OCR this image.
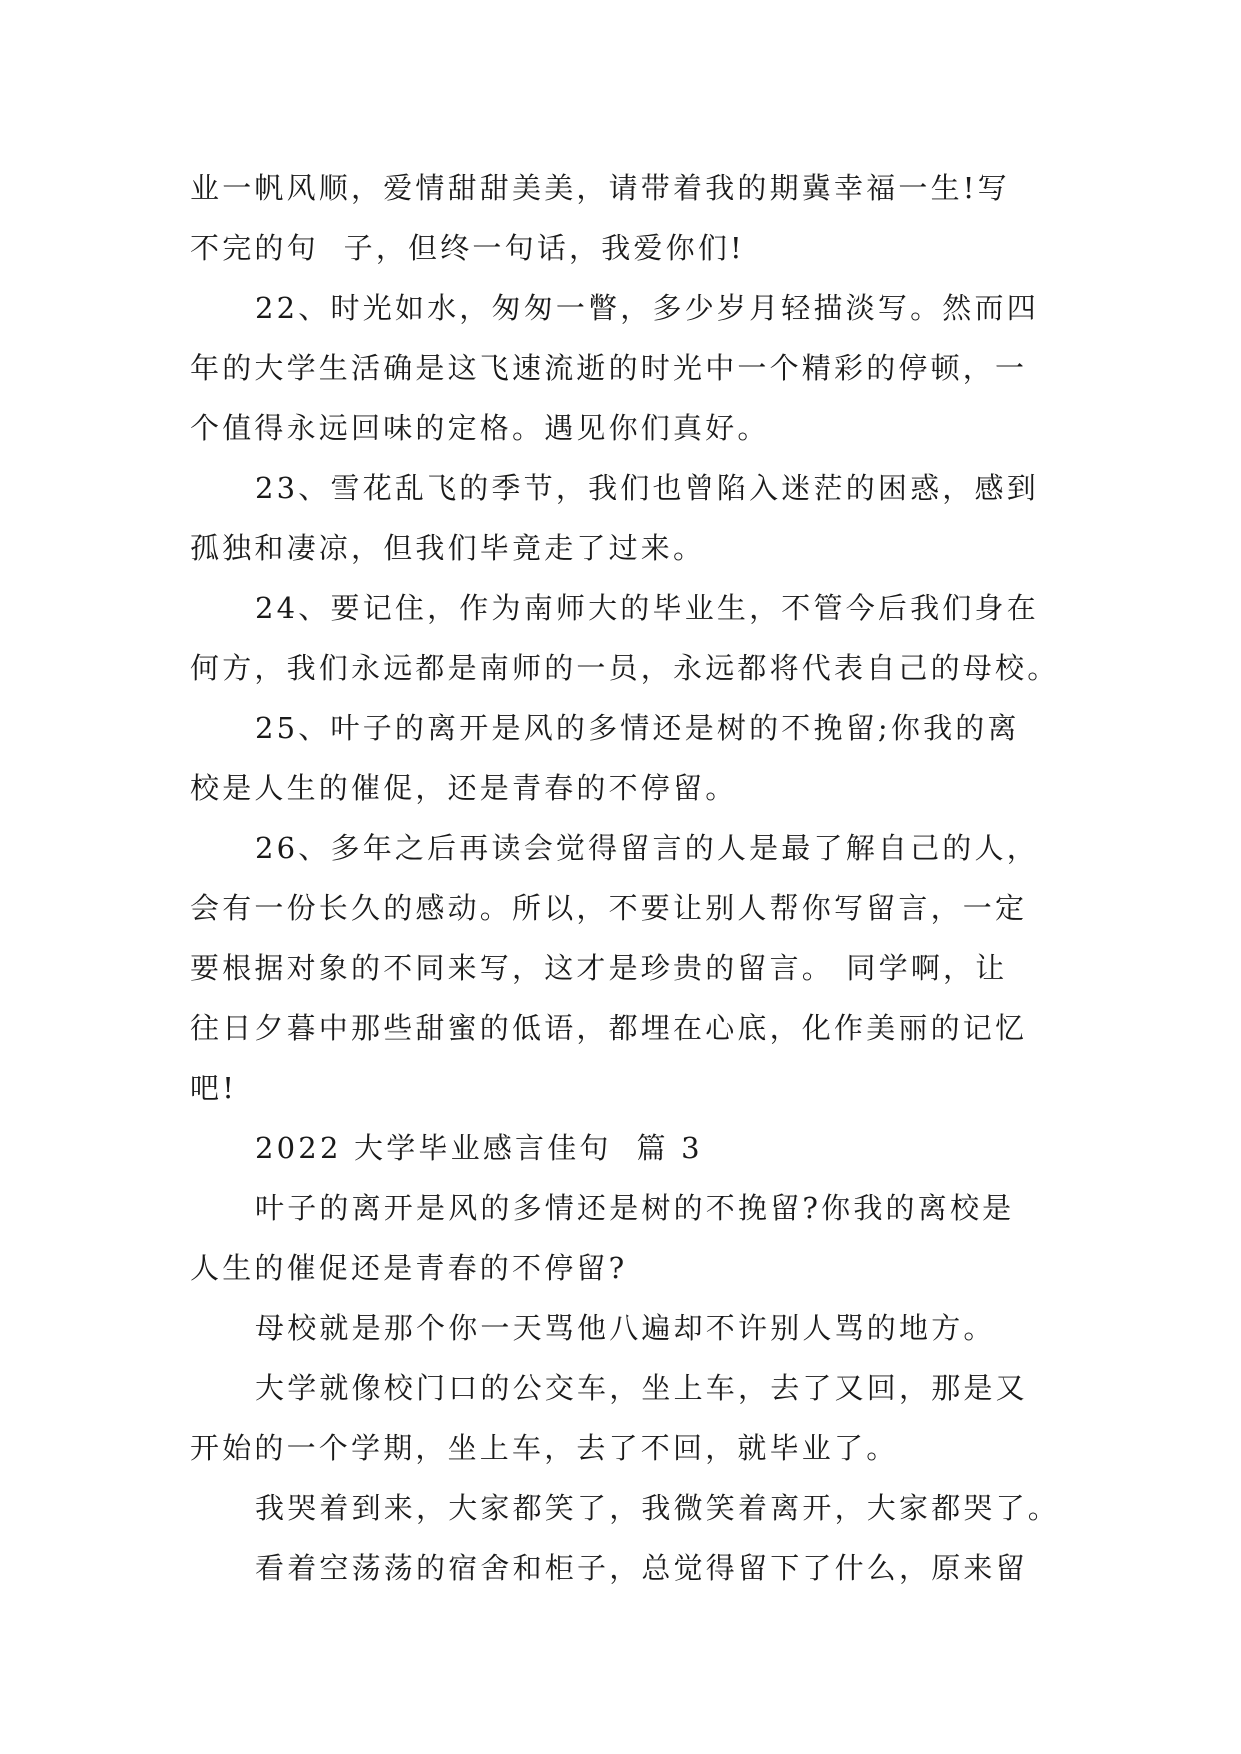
业一帆风顺，爱情甜甜美美，请带着我的期冀幸福一生!写
不完的句  子，但终一句话，我爱你们!
22、时光如水，匆匆一瞥，多少岁月轻描淡写。然而四
年的大学生活确是这飞速流逝的时光中一个精彩的停顿，一
个值得永远回味的定格。遇见你们真好。
23、雪花乱飞的季节，我们也曾陷入迷茫的困惑，感到
孤独和凄凉，但我们毕竟走了过来。
24、要记住，作为南师大的毕业生，不管今后我们身在
何方，我们永远都是南师的一员，永远都将代表自己的母校。
25、叶子的离开是风的多情还是树的不挽留;你我的离
校是人生的催促，还是青春的不停留。
26、多年之后再读会觉得留言的人是最了解自己的人，
会有一份长久的感动。所以，不要让别人帮你写留言，一定
要根据对象的不同来写，这才是珍贵的留言。 同学啊，让
往日夕暮中那些甜蜜的低语，都埋在心底，化作美丽的记忆
吧!
2022 大学毕业感言佳句  篇 3
叶子的离开是风的多情还是树的不挽留?你我的离校是
人生的催促还是青春的不停留?
母校就是那个你一天骂他八遍却不许别人骂的地方。
大学就像校门口的公交车，坐上车，去了又回，那是又
开始的一个学期，坐上车，去了不回，就毕业了。
我哭着到来，大家都笑了，我微笑着离开，大家都哭了。
看着空荡荡的宿舍和柜子，总觉得留下了什么，原来留
